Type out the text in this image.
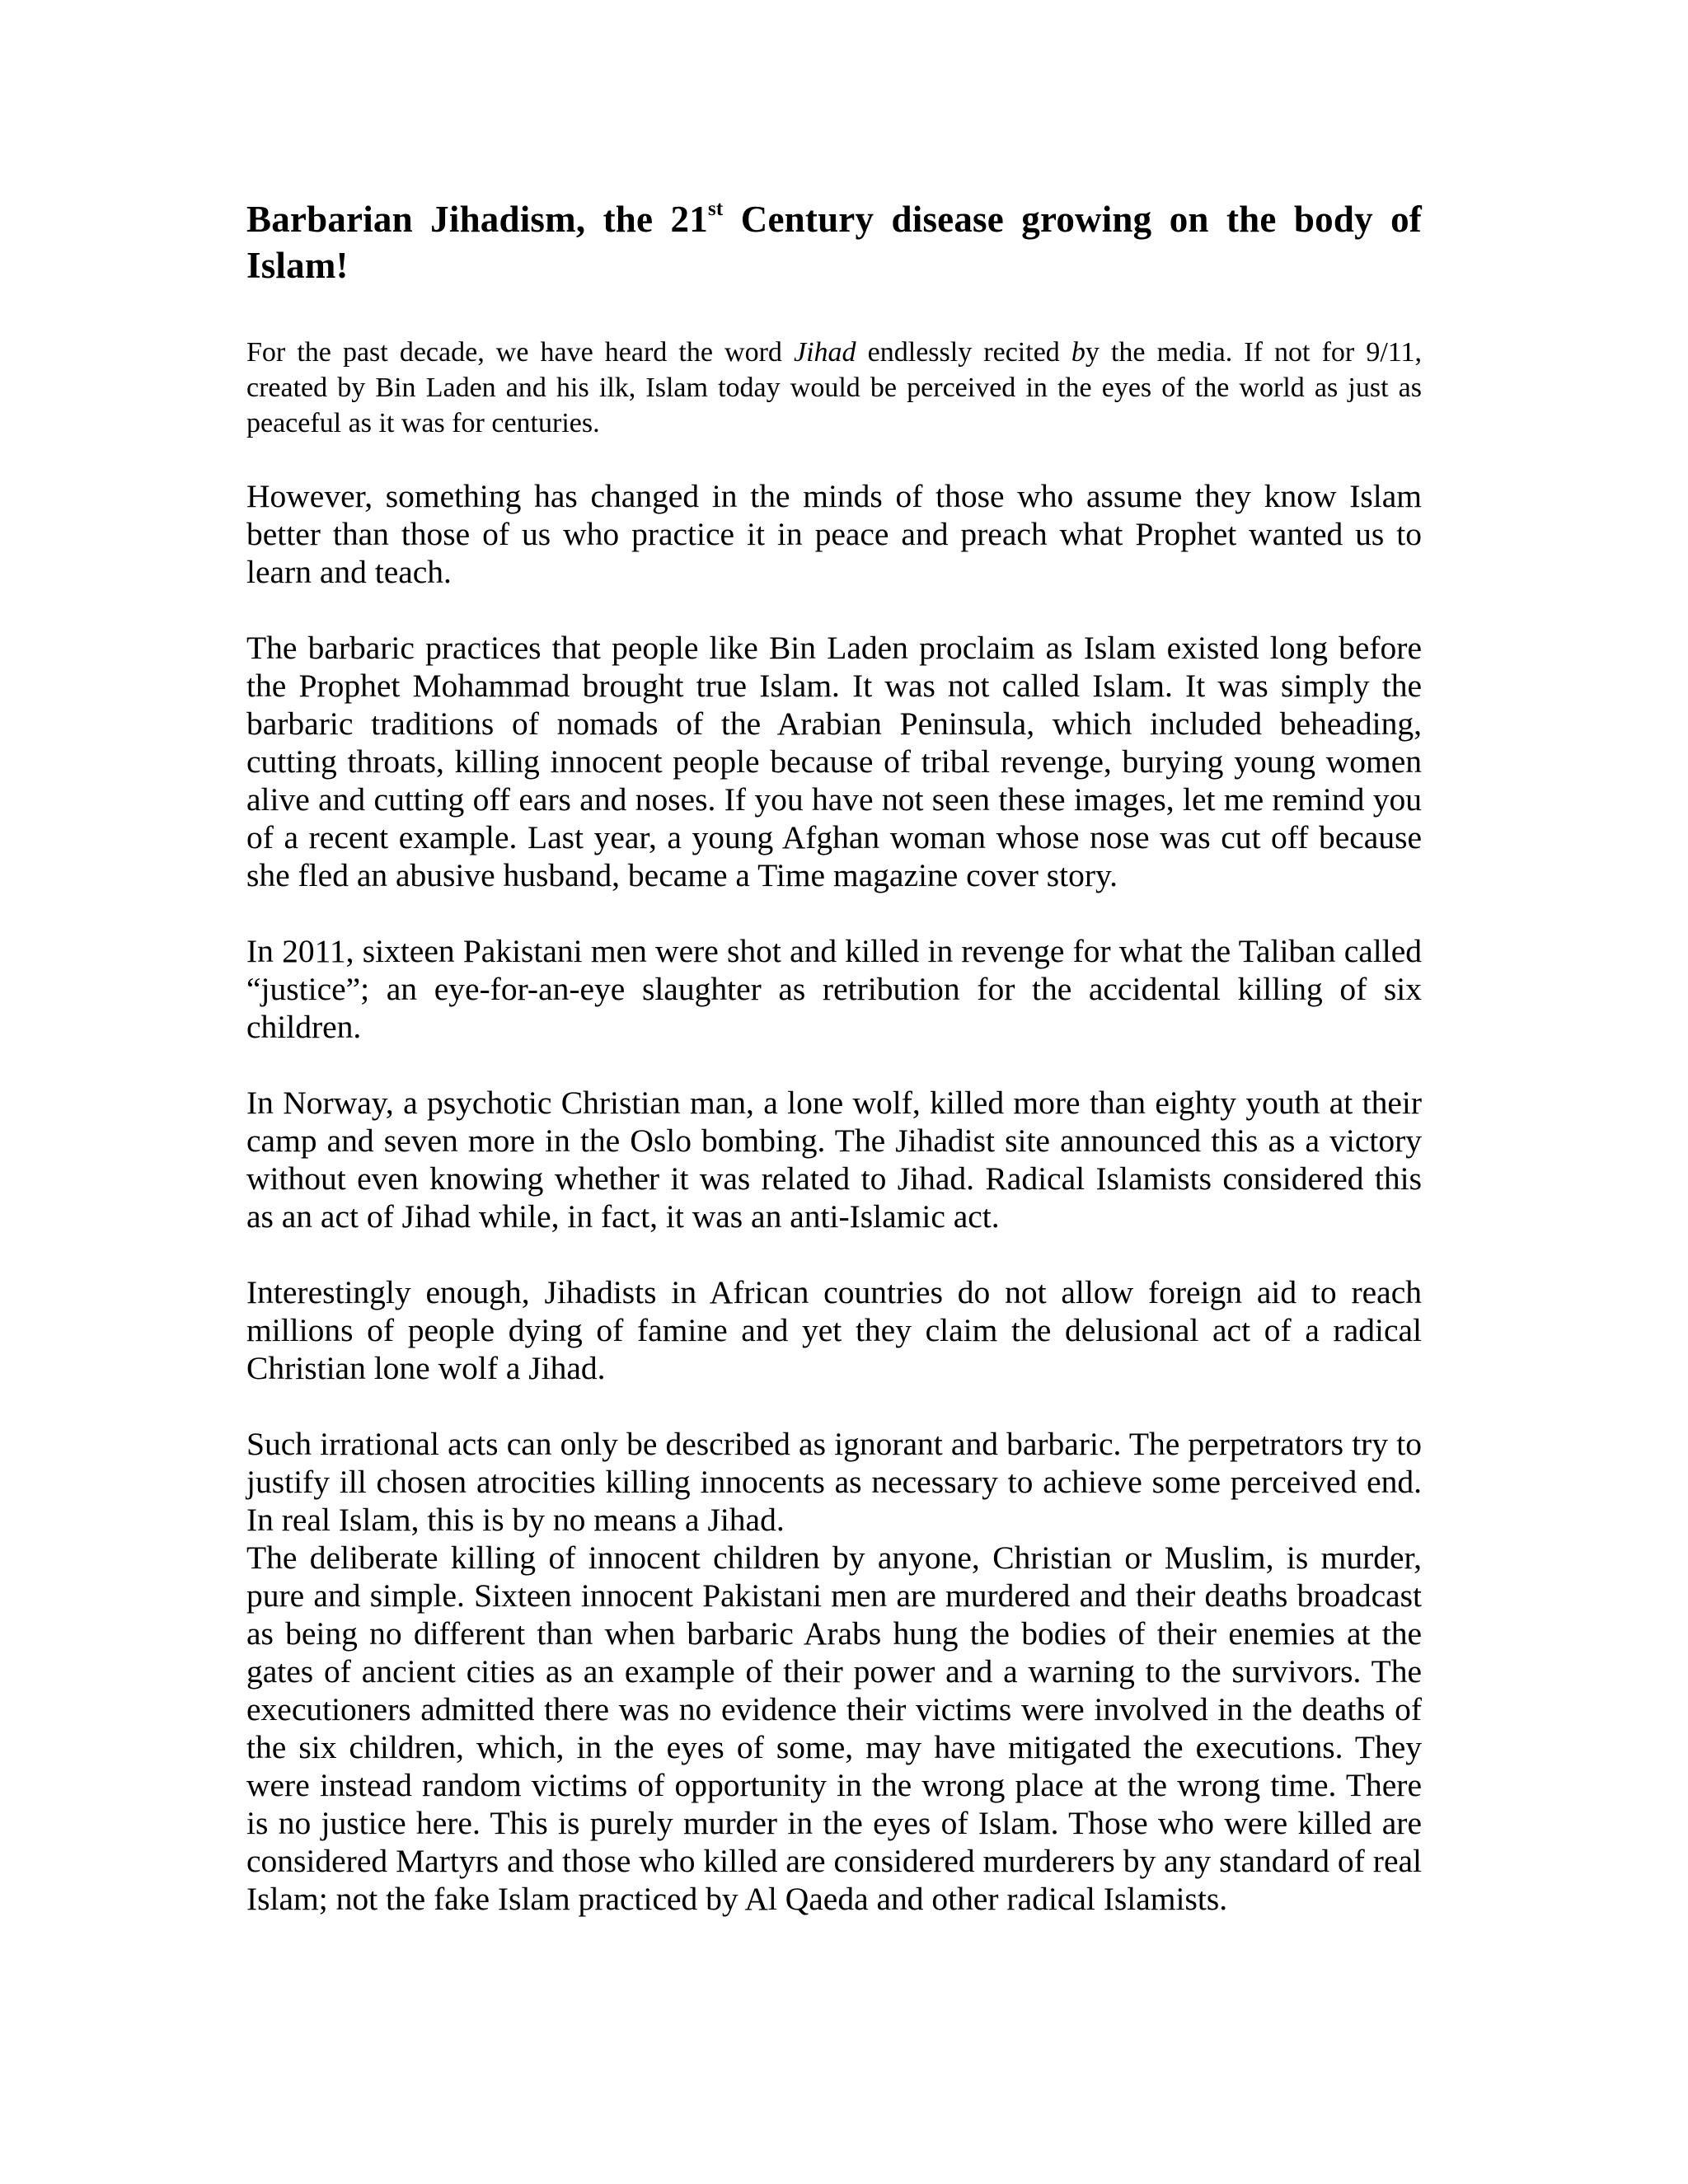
Barbarian Jihadism, the 21st Century disease growing on the body of Islam!

For the past decade, we have heard the word Jihad endlessly recited by the media. If not for 9/11, created by Bin Laden and his ilk, Islam today would be perceived in the eyes of the world as just as peaceful as it was for centuries.

However, something has changed in the minds of those who assume they know Islam better than those of us who practice it in peace and preach what Prophet wanted us to learn and teach.

The barbaric practices that people like Bin Laden proclaim as Islam existed long before the Prophet Mohammad brought true Islam. It was not called Islam. It was simply the barbaric traditions of nomads of the Arabian Peninsula, which included beheading, cutting throats, killing innocent people because of tribal revenge, burying young women alive and cutting off ears and noses. If you have not seen these images, let me remind you of a recent example. Last year, a young Afghan woman whose nose was cut off because she fled an abusive husband, became a Time magazine cover story.

In 2011, sixteen Pakistani men were shot and killed in revenge for what the Taliban called “justice”; an eye-for-an-eye slaughter as retribution for the accidental killing of six children.

In Norway, a psychotic Christian man, a lone wolf, killed more than eighty youth at their camp and seven more in the Oslo bombing. The Jihadist site announced this as a victory without even knowing whether it was related to Jihad. Radical Islamists considered this as an act of Jihad while, in fact, it was an anti-Islamic act.

Interestingly enough, Jihadists in African countries do not allow foreign aid to reach millions of people dying of famine and yet they claim the delusional act of a radical Christian lone wolf a Jihad.

Such irrational acts can only be described as ignorant and barbaric. The perpetrators try to justify ill chosen atrocities killing innocents as necessary to achieve some perceived end. In real Islam, this is by no means a Jihad.

The deliberate killing of innocent children by anyone, Christian or Muslim, is murder, pure and simple. Sixteen innocent Pakistani men are murdered and their deaths broadcast as being no different than when barbaric Arabs hung the bodies of their enemies at the gates of ancient cities as an example of their power and a warning to the survivors. The executioners admitted there was no evidence their victims were involved in the deaths of the six children, which, in the eyes of some, may have mitigated the executions. They were instead random victims of opportunity in the wrong place at the wrong time. There is no justice here. This is purely murder in the eyes of Islam. Those who were killed are considered Martyrs and those who killed are considered murderers by any standard of real Islam; not the fake Islam practiced by Al Qaeda and other radical Islamists.
